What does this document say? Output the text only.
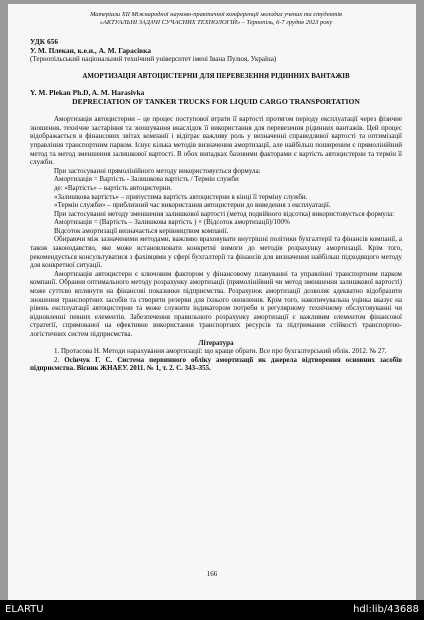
Матеріали XII Міжнародної науково-практичної конференції молодих учених та студентів
«АКТУАЛЬНІ ЗАДАЧІ СУЧАСНИХ ТЕХНОЛОГІЙ» – Тернопіль, 6-7 грудня 2023 року
УДК 656
У. М. Плекан, к.е.н., А. М. Гарасівка
(Тернопільський національний технічний університет імені Івана Пулюя, Україна)
АМОРТИЗАЦІЯ АВТОЦИСТЕРНИ ДЛЯ ПЕРЕВЕЗЕННЯ РІДИННИХ ВАНТАЖІВ
Y. M. Plekan Ph.D, A. M. Harasivka
DEPRECIATION OF TANKER TRUCKS FOR LIQUID CARGO TRANSPORTATION

Амортизація автоцистерни – це процес поступової втрати її вартості протягом періоду експлуатації через фізичне зношення, технічне застаріння та зношування внаслідок її використання для перевезення рідинних вантажів. Цей процес відображається в фінансових звітах компанії і відіграє важливу роль у визначенні справедливої вартості та оптимізації управління транспортним парком. Існує кілька методів визначення амортизації, але найбільш поширеним є прямолінійний метод та метод зменшення залишкової вартості. В обох випадках базовими факторами є вартість автоцистерни та термін її служби.

При застосуванні прямолінійного методу використовується формула:

Амортизація = Вартість - Залишкова вартість / Термін служби

де: «Вартість» – вартість автоцистерни.

«Залишкова вартість» – припустима вартість автоцистерни в кінці її терміну служби.

«Термін служби» – приблизний час використання автоцистерни до виведення з експлуатації.

При застосуванні методу зменшення залишкової вартості (метод подвійного відсотка) використовується формула:

Амортизація = (Вартість – Залишкова вартість ) × (Відсоток амортизації)/100%

Відсоток амортизації визначається керівництвом компанії.

Обираючи між зазначеними методами, важливо враховувати внутрішні політики бухгалтерії та фінансів компанії, а також законодавство, яке може встановлювати конкретні вимоги до методів розрахунку амортизації. Крім того, рекомендується консультуватися з фахівцями у сфері бухгалтерії та фінансів для визначення найбільш підходящого методу для конкретної ситуації.

Амортизація автоцистерн є ключовим фактором у фінансовому плануванні та управлінні транспортним парком компанії. Обрання оптимального методу розрахунку амортизації (прямолінійний чи метод зменшення залишкової вартості) може суттєво вплинути на фінансові показники підприємства. Розрахунок амортизації дозволяє адекватно відобразити зношення транспортних засобів та створити резерви для їхнього оновлення. Крім того, накопичувальна уцінка вказує на рівень експлуатації автоцистерни та може служити індикатором потреби в регулярному технічному обслуговуванні чи відновленні певних елементів. Забезпечення правильного розрахунку амортизації є важливим елементом фінансової стратегії, спрямованої на ефективне використання транспортних ресурсів та підтримання стійкості транспортно-логістичних систем підприємства.

Література

1. Протасова Н. Методи нарахування амортизації: що краще обрати. Все про бухгалтерський облік. 2012. № 27.

2. Осінчук Г. С. Система первинного обліку амортизації як джерела відтворення основних засобів підприємства. Вісник ЖНАЕУ. 2011. № 1, т. 2. С. 343–355.

166
ELARTU	hdl:lib/43688
